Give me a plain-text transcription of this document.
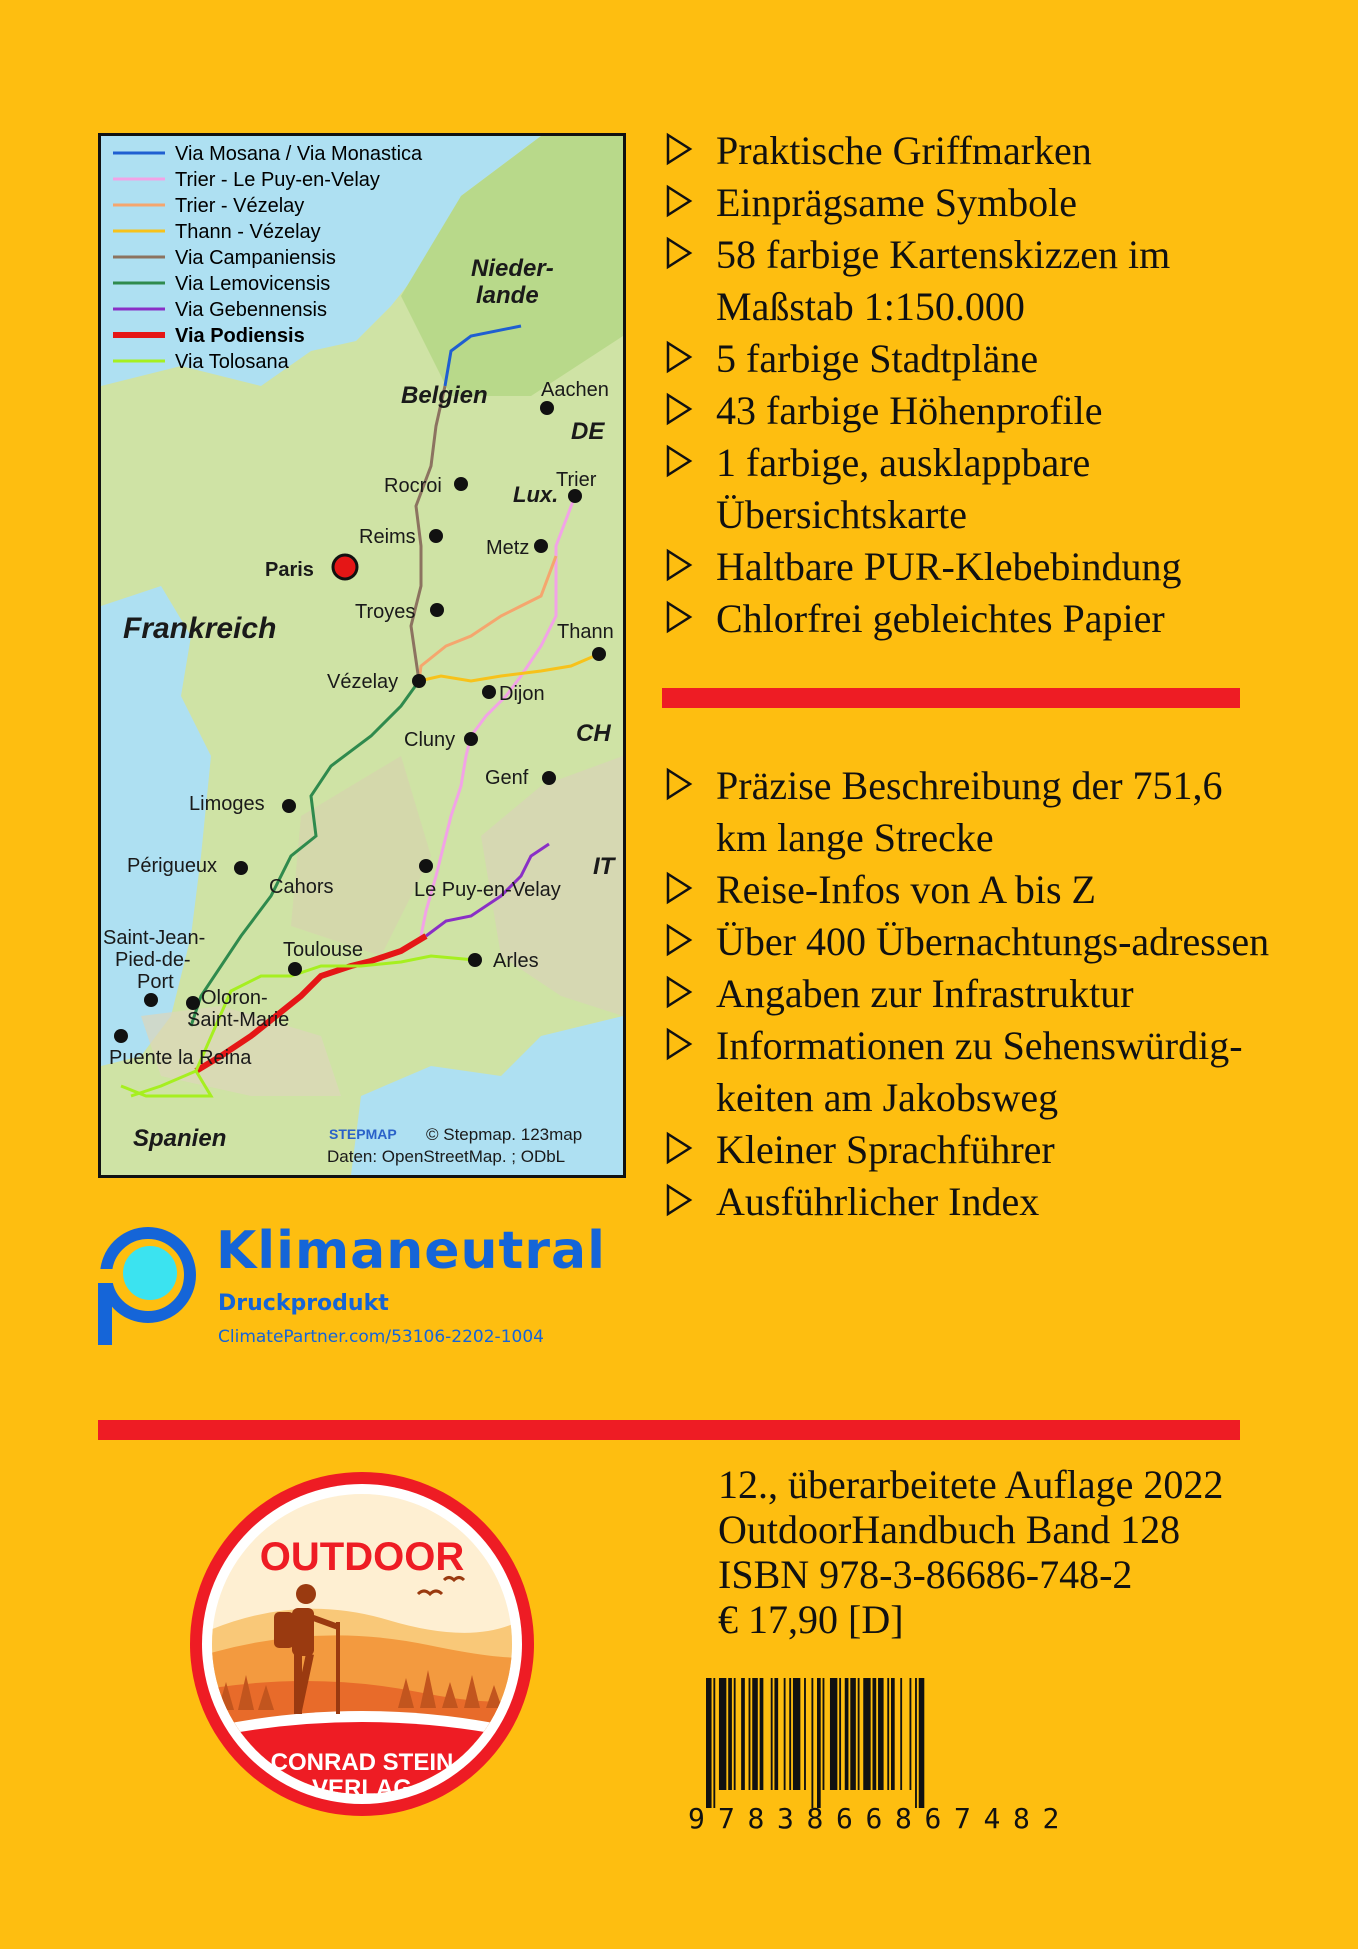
Via Mosana / Via Monastica
Trier - Le Puy-en-Velay
Trier - Vézelay
Thann - Vézelay
Via Campaniensis
Via Lemovicensis
Via Gebennensis
Via Podiensis
Via Tolosana
Nieder-
lande
Belgien
DE
Lux.
Frankreich
CH
IT
Spanien
Aachen
Trier
Rocroi
Reims	Metz
Paris
Troyes
Thann
Vézelay
Dijon
Cluny
Genf
Limoges
Périgueux
Le Puy-en-Velay
Cahors
Toulouse	Arles
Saint-Jean-
Pied-de-
Port
Oloron-
Saint-Marie
Puente la Reina
STEPMAP © Stepmap. 123map
Daten: OpenStreetMap. ; ODbL
Praktische Griffmarken
Einprägsame Symbole
58 farbige Kartenskizzen im Maßstab 1:150.000
5 farbige Stadtpläne
43 farbige Höhenprofile
1 farbige, ausklappbare Übersichtskarte
Haltbare PUR-Klebebindung
Chlorfrei gebleichtes Papier
Präzise Beschreibung der 751,6 km lange Strecke
Reise-Infos von A bis Z
Über 400 Übernachtungs-adressen
Angaben zur Infrastruktur
Informationen zu Sehenswürdig-keiten am Jakobsweg
Kleiner Sprachführer
Ausführlicher Index
Klimaneutral
Druckprodukt
ClimatePartner.com/53106-2202-1004
OUTDOOR
CONRAD STEIN
VERLAG
12., überarbeitete Auflage 2022
OutdoorHandbuch Band 128
ISBN 978-3-86686-748-2
€ 17,90 [D]
9 7 8 3 8 6 6 8 6 7 4 8 2
